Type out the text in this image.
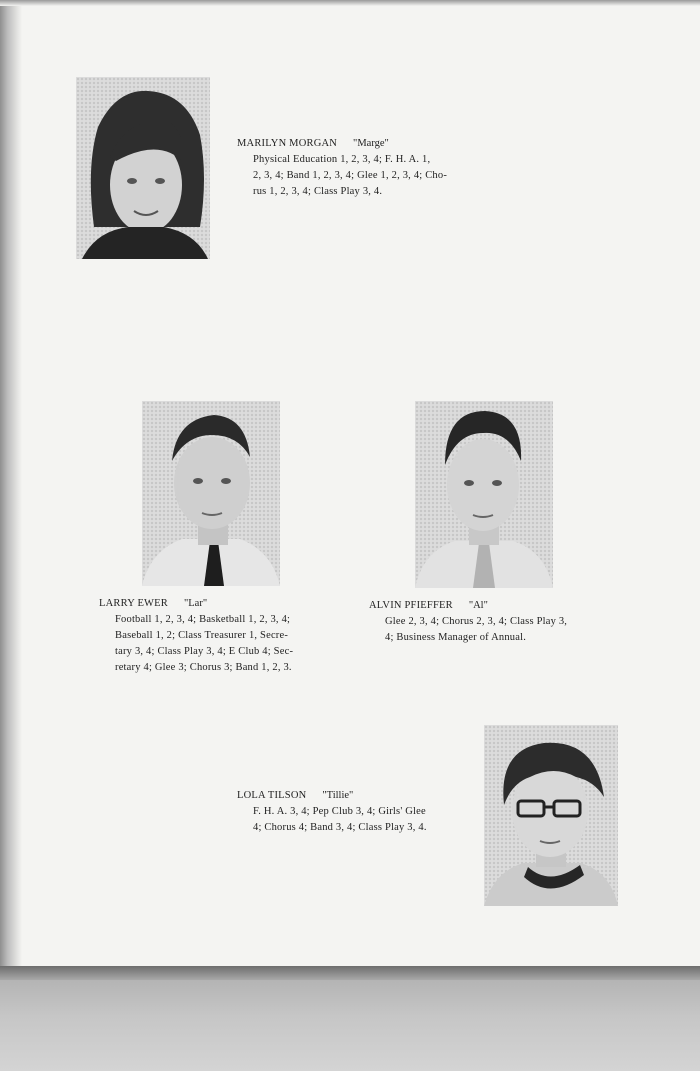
MARILYN MORGAN "Marge"
Physical Education 1, 2, 3, 4; F. H. A. 1,
2, 3, 4; Band 1, 2, 3, 4; Glee 1, 2, 3, 4; Cho-
rus 1, 2, 3, 4; Class Play 3, 4.
LARRY EWER "Lar"
Football 1, 2, 3, 4; Basketball 1, 2, 3, 4;
Baseball 1, 2; Class Treasurer 1, Secre-
tary 3, 4; Class Play 3, 4; E Club 4; Sec-
retary 4; Glee 3; Chorus 3; Band 1, 2, 3.
ALVIN PFIEFFER "Al"
Glee 2, 3, 4; Chorus 2, 3, 4; Class Play 3,
4; Business Manager of Annual.
LOLA TILSON "Tillie"
F. H. A. 3, 4; Pep Club 3, 4; Girls' Glee
4; Chorus 4; Band 3, 4; Class Play 3, 4.
